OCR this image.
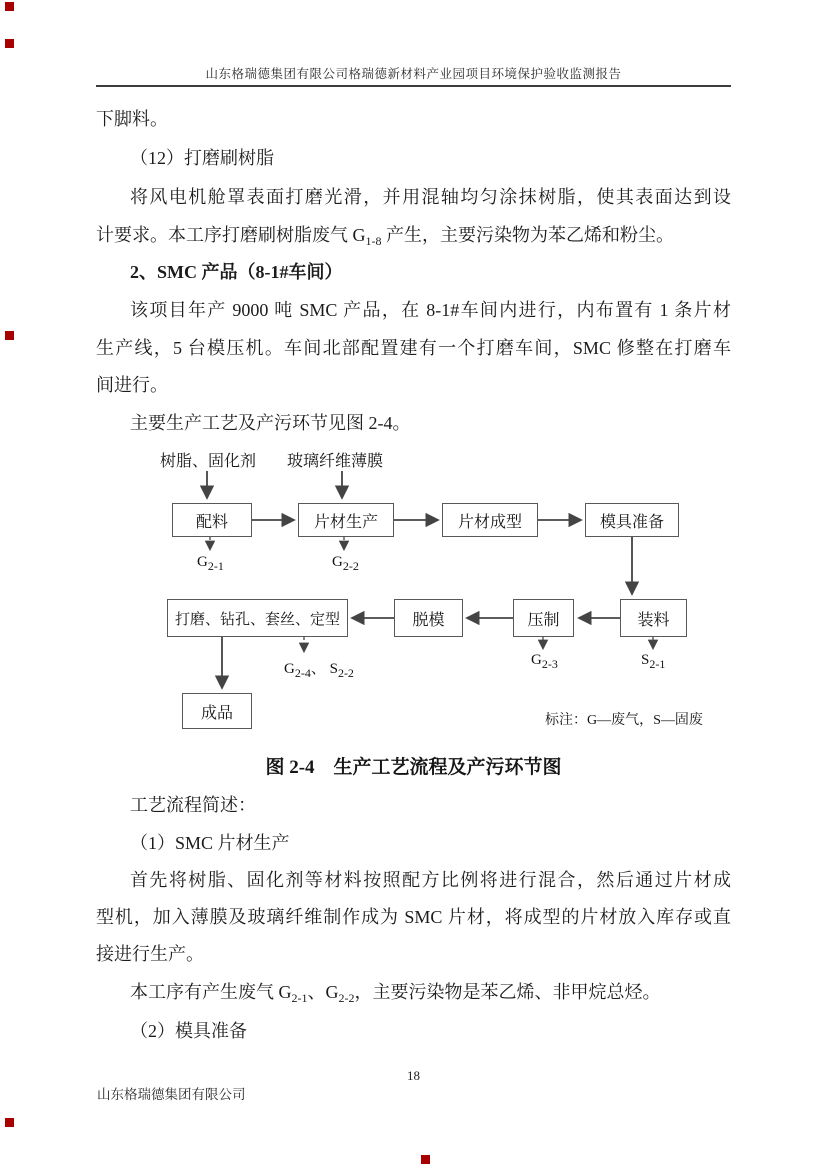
山东格瑞德集团有限公司格瑞德新材料产业园项目环境保护验收监测报告
下脚料。
（12）打磨刷树脂
将风电机舱罩表面打磨光滑，并用混轴均匀涂抹树脂，使其表面达到设
计要求。本工序打磨刷树脂废气 $G_{1-8}$ 产生，主要污染物为苯乙烯和粉尘。
2、SMC 产品（8-1#车间）
该项目年产 9000 吨 SMC 产品，在 8-1#车间内进行，内布置有 1 条片材
生产线，5 台模压机。车间北部配置建有一个打磨车间，SMC 修整在打磨车
间进行。
主要生产工艺及产污环节见图 2-4。
树脂、固化剂 玻璃纤维薄膜
配料	片材生产	片材成型	模具准备
装料
压制
脱模
打磨、钻孔、套丝、定型
成品
$G_{2-1}$	$G_{2-2}$
$S_{2-1}$
$G_{2-3}$
$G_{2-4}$、 $S_{2-2}$
标注：G—废气，S—固废
图 2-4　生产工艺流程及产污环节图
工艺流程简述：
（1）SMC 片材生产
首先将树脂、固化剂等材料按照配方比例将进行混合，然后通过片材成
型机，加入薄膜及玻璃纤维制作成为 SMC 片材，将成型的片材放入库存或直
接进行生产。
本工序有产生废气 $G_{2-1}$、$G_{2-2}$，主要污染物是苯乙烯、非甲烷总烃。
（2）模具准备
18
山东格瑞德集团有限公司
